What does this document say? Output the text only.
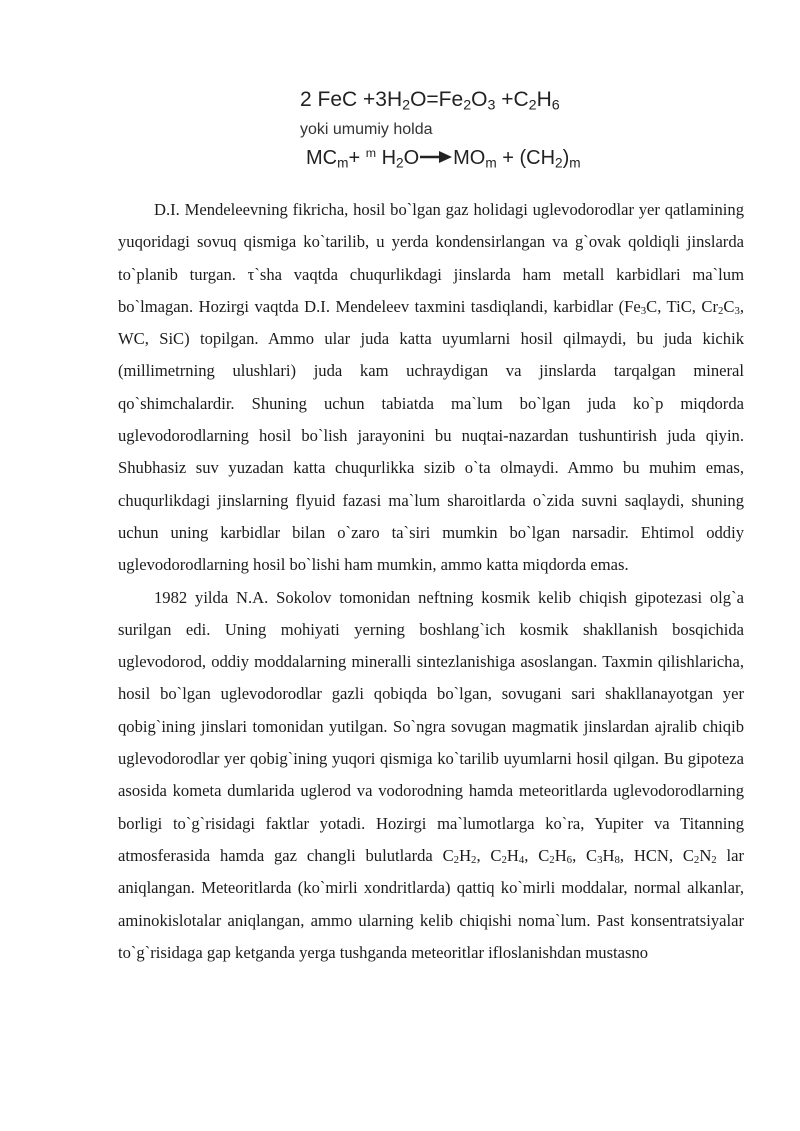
2 FeC $+3H_2O=Fe_2O_3 +C_2H_6$
yoki umumiy holda
$MC_m+ ^m$ $H_2O$ $MO_m + (CH_2)_m$

D.I. Mendeleevning fikricha, hosil bo`lgan gaz holidagi uglevodorodlar yer qatlamining yuqoridagi sovuq qismiga ko`tarilib, u yerda kondensirlangan va g`ovak qoldiqli jinslarda to`planib turgan. τ`sha vaqtda chuqurlikdagi jinslarda ham metall karbidlari ma`lum bo`lmagan. Hozirgi vaqtda D.I. Mendeleev taxmini tasdiqlandi, karbidlar ($Fe_3C$, TiC, $Cr_2C_3$, WC, SiC) topilgan. Ammo ular juda katta uyumlarni hosil qilmaydi, bu juda kichik (millimetrning ulushlari) juda kam uchraydigan va jinslarda tarqalgan mineral qo`shimchalardir. Shuning uchun tabiatda ma`lum bo`lgan juda ko`p miqdorda uglevodorodlarning hosil bo`lish jarayonini bu nuqtai-nazardan tushuntirish juda qiyin. Shubhasiz suv yuzadan katta chuqurlikka sizib o`ta olmaydi. Ammo bu muhim emas, chuqurlikdagi jinslarning flyuid fazasi ma`lum sharoitlarda o`zida suvni saqlaydi, shuning uchun uning karbidlar bilan o`zaro ta`siri mumkin bo`lgan narsadir. Ehtimol oddiy uglevodorodlarning hosil bo`lishi ham mumkin, ammo katta miqdorda emas.

1982 yilda N.A. Sokolov tomonidan neftning kosmik kelib chiqish gipotezasi olg`a surilgan edi. Uning mohiyati yerning boshlang`ich kosmik shakllanish bosqichida uglevodorod, oddiy moddalarning mineralli sintezlanishiga asoslangan. Taxmin qilishlaricha, hosil bo`lgan uglevodorodlar gazli qobiqda bo`lgan, sovugani sari shakllanayotgan yer qobig`ining jinslari tomonidan yutilgan. So`ngra sovugan magmatik jinslardan ajralib chiqib uglevodorodlar yer qobig`ining yuqori qismiga ko`tarilib uyumlarni hosil qilgan. Bu gipoteza asosida kometa dumlarida uglerod va vodorodning hamda meteoritlarda uglevodorodlarning borligi to`g`risidagi faktlar yotadi. Hozirgi ma`lumotlarga ko`ra, Yupiter va Titanning atmosferasida hamda gaz changli bulutlarda $C_2H_2$, $C_2H_4$, $C_2H_6$, $C_3H_8$, HCN, $C_2N_2$ lar aniqlangan. Meteoritlarda (ko`mirli xondritlarda) qattiq ko`mirli moddalar, normal alkanlar, aminokislotalar aniqlangan, ammo ularning kelib chiqishi noma`lum. Past konsentratsiyalar to`g`risidaga gap ketganda yerga tushganda meteoritlar ifloslanishdan mustasno
